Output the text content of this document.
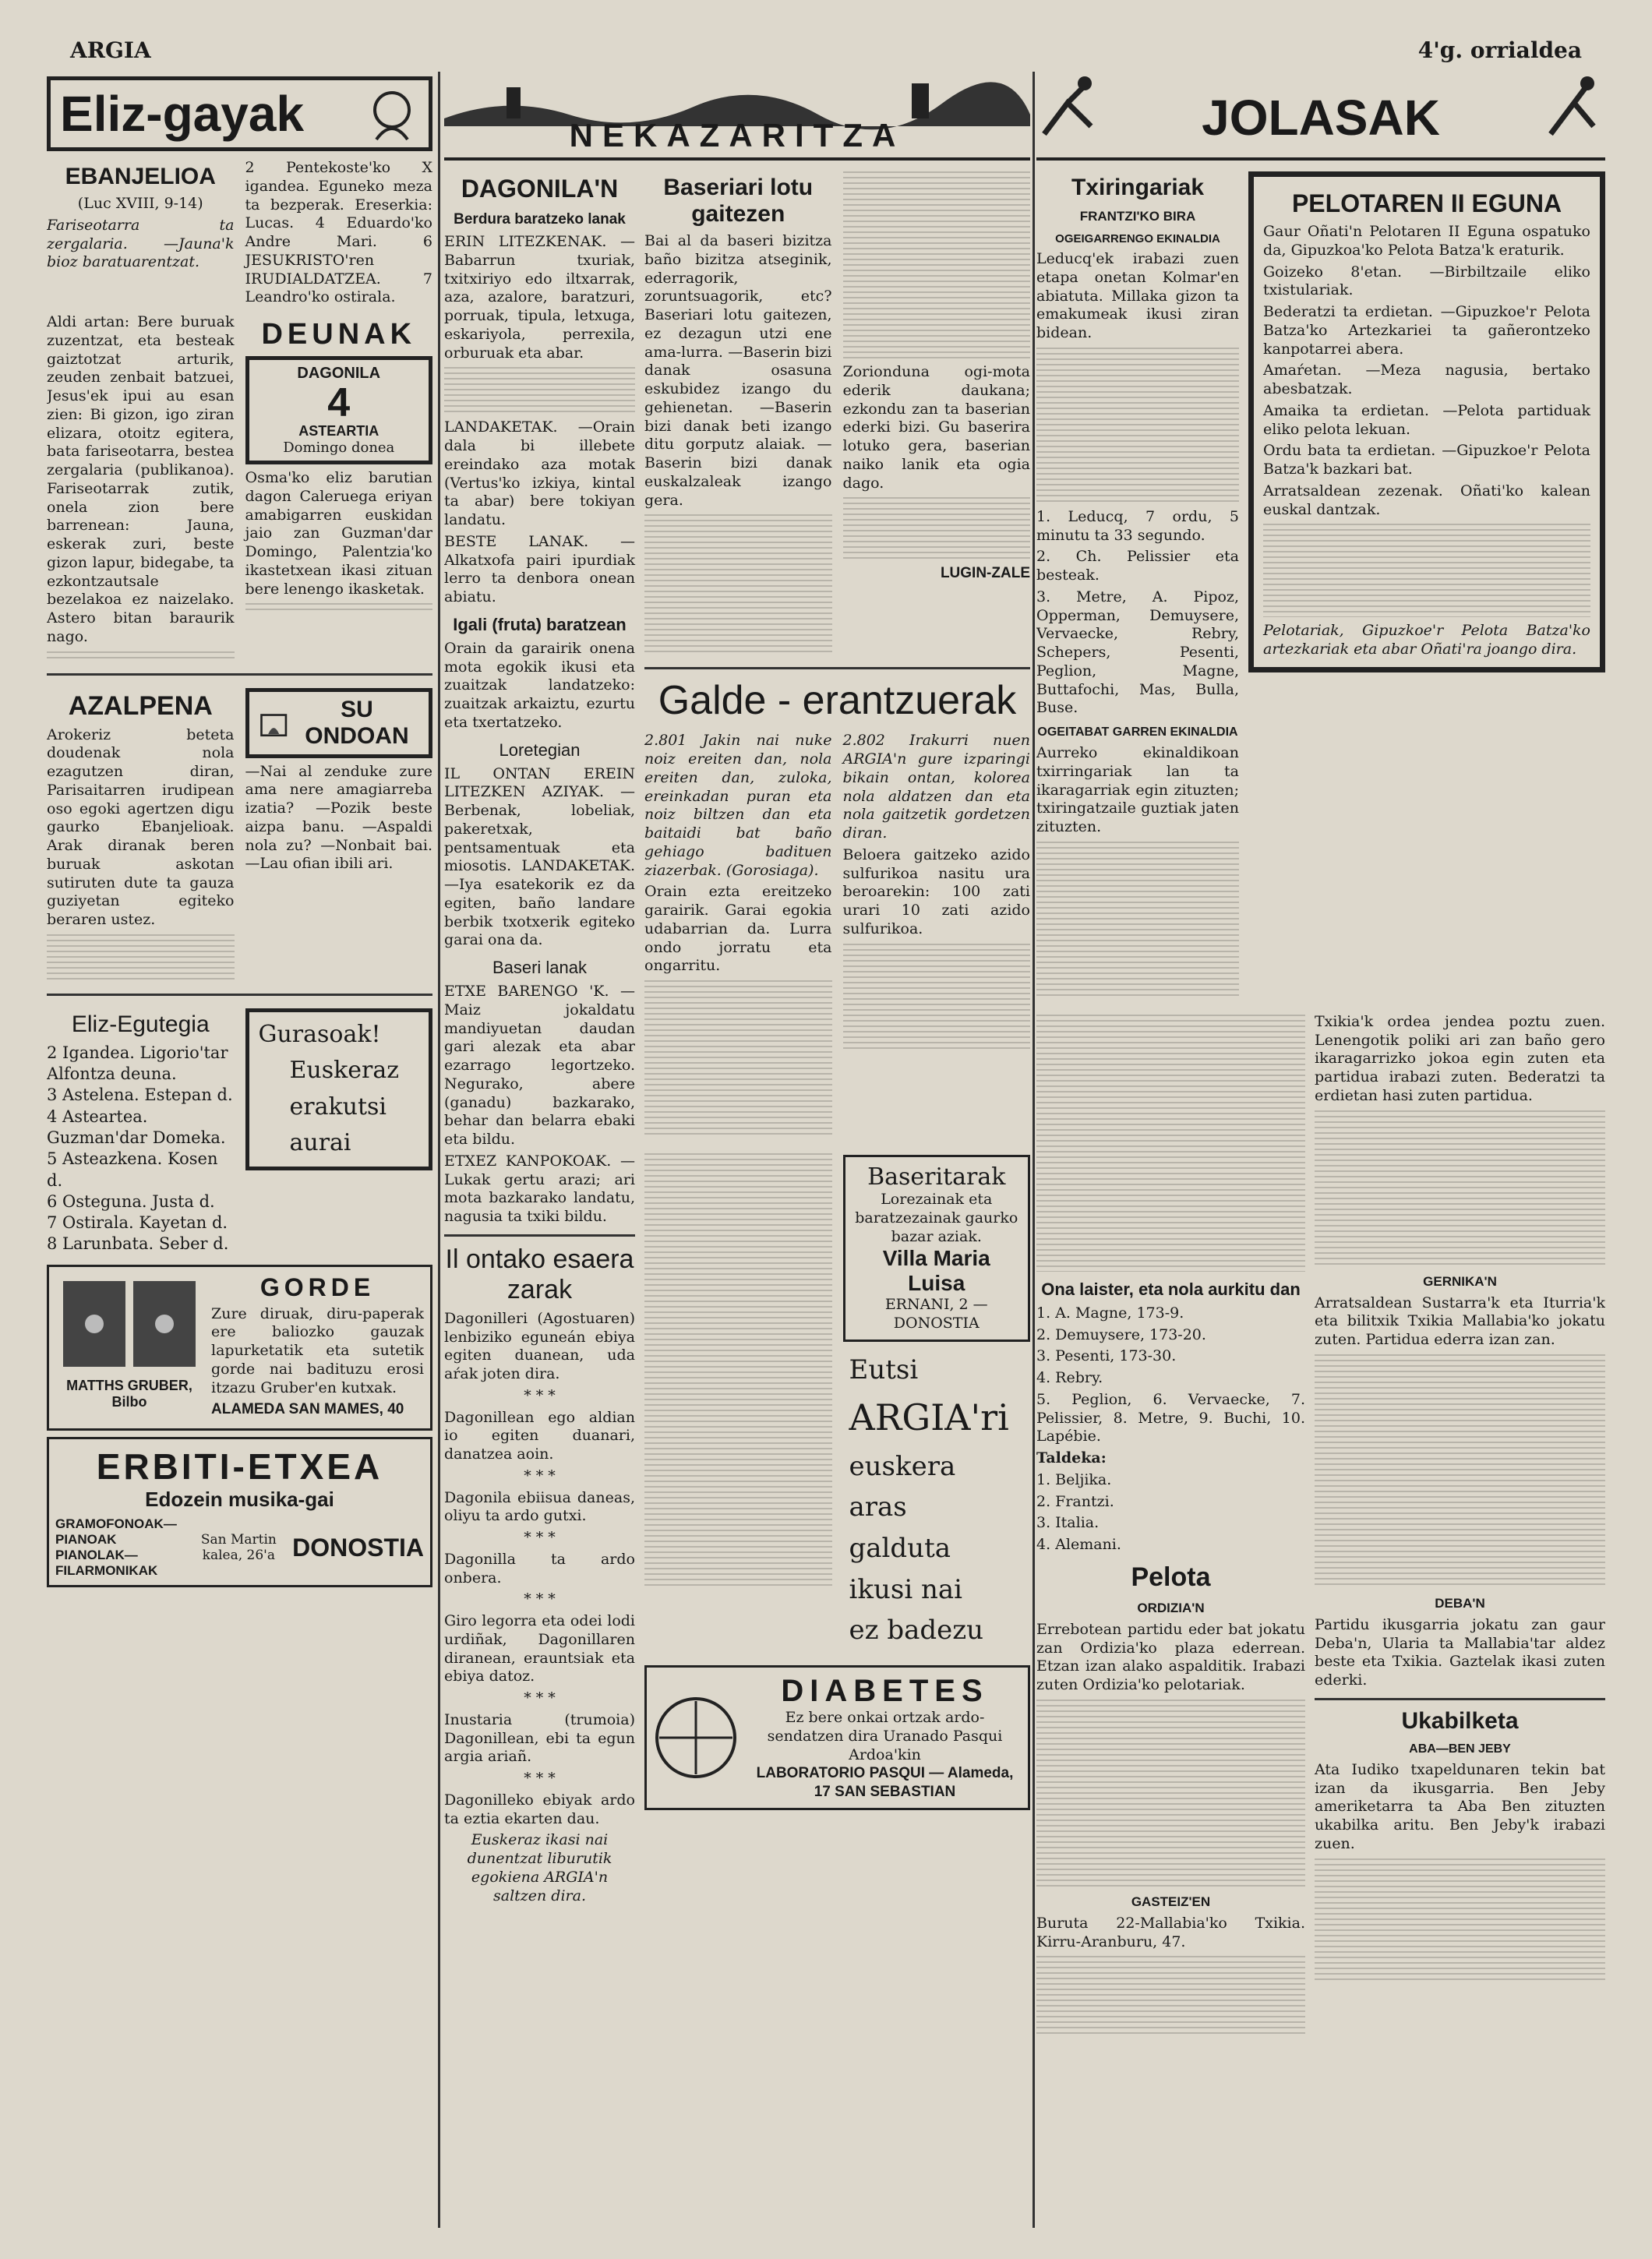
ARGIA	4'g. orrialdea
Eliz-gayak
EBANJELIOA
(Luc XVIII, 9-14)
Fariseotarra ta zergalaria. —Jauna'k bioz baratuarentzat.
2 Pentekoste'ko X igandea. Eguneko meza ta bezperak. Ereserkia: Lucas. 4 Eduardo'ko Andre Mari. 6 JESUKRISTO'ren IRUDIALDATZEA. 7 Leandro'ko ostirala.
Aldi artan: Bere buruak zuzentzat, eta besteak gaiztotzat arturik, zeuden zenbait batzuei, Jesus'ek ipui au esan zien: Bi gizon, igo ziran elizara, otoitz egitera, bata fariseotarra, bestea zergalaria (publikanoa). Fariseotarrak zutik, onela zion bere barrenean: Jauna, eskerak zuri, beste gizon lapur, bidegabe, ta ezkontzautsale bezelakoa ez naizelako. Astero bitan baraurik nago.
DEUNAK
DAGONILA
4
ASTEARTIA
Domingo donea
Osma'ko eliz barutian dagon Caleruega eriyan amabigarren euskidan jaio zan Guzman'dar Domingo, Palentzia'ko ikastetxean ikasi zituan bere lenengo ikasketak.
AZALPENA
Arokeriz beteta doudenak nola ezagutzen diran, Parisaitarren irudipean oso egoki agertzen digu gaurko Ebanjelioak. Arak diranak beren buruak askotan sutiruten dute ta gauza guziyetan egiteko beraren ustez.
SU ONDOAN
—Nai al zenduke zure ama nere amagiarreba izatia? —Pozik beste aizpa banu. —Aspaldi nola zu? —Nonbait bai. —Lau ofian ibili ari.
Eliz-Egutegia
2 Igandea. Ligorio'tar Alfontza deuna.
3 Astelena. Estepan d.
4 Asteartea. Guzman'dar Domeka.
5 Asteazkena. Kosen d.
6 Osteguna. Justa d.
7 Ostirala. Kayetan d.
8 Larunbata. Seber d.
Gurasoak!
Euskeraz
erakutsi
aurai
MATTHS GRUBER, Bilbo
GORDE
Zure diruak, diru-paperak ere baliozko gauzak lapurketatik eta sutetik gorde nai badituzu erosi itzazu Gruber'en kutxak.
ALAMEDA SAN MAMES, 40
ERBITI-ETXEA
Edozein musika-gai
GRAMOFONOAK—PIANOAK
PIANOLAK—FILARMONIKAK
San Martin kalea, 26'a DONOSTIA
NEKAZARITZA
DAGONILA'N
Berdura baratzeko lanak
ERIN LITEZKENAK. —Babarrun txuriak, txitxiriyo edo iltxarrak, aza, azalore, baratzuri, porruak, tipula, letxuga, eskariyola, perrexila, orburuak eta abar.
LANDAKETAK. —Orain dala bi illebete ereindako aza motak (Vertus'ko izkiya, kintal ta abar) bere tokiyan landatu.
BESTE LANAK. —Alkatxofa pairi ipurdiak lerro ta denbora onean abiatu.
Igali (fruta) baratzean
Orain da garairik onena mota egokik ikusi eta zuaitzak landatzeko: zuaitzak arkaiztu, ezurtu eta txertatzeko.
Loretegian
IL ONTAN EREIN LITEZKEN AZIYAK. —Berbenak, lobeliak, pakeretxak, pentsamentuak eta miosotis. LANDAKETAK. —Iya esatekorik ez da egiten, baño landare berbik txotxerik egiteko garai ona da.
Baseri lanak
ETXE BARENGO 'K. —Maiz jokaldatu mandiyuetan daudan gari alezak eta abar ezarrago legortzeko. Negurako, abere (ganadu) bazkarako, behar dan belarra ebaki eta bildu.
ETXEZ KANPOKOAK. —Lukak gertu arazi; ari mota bazkarako landatu, nagusia ta txiki bildu.
Il ontako esaera zarak
Dagonilleri (Agostuaren) lenbiziko eguneán ebiya egiten duanean, uda aŕak joten dira.
* * *
Dagonillean ego aldian io egiten duanari, danatzea aoin.
* * *
Dagonila ebiisua daneas, oliyu ta ardo gutxi.
* * *
Dagonilla ta ardo onbera.
* * *
Giro legorra eta odei lodi urdiñak, Dagonillaren diranean, erauntsiak eta ebiya datoz.
* * *
Inustaria (trumoia) Dagonillean, ebi ta egun argia ariañ.
* * *
Dagonilleko ebiyak ardo ta eztia ekarten dau.
Euskeraz ikasi nai dunentzat liburutik egokiena ARGIA'n saltzen dira.
Baseriari lotu gaitezen
Bai al da baseri bizitza baño bizitza atseginik, ederragorik, zoruntsuagorik, etc? Baseriari lotu gaitezen, ez dezagun utzi ene ama-lurra. —Baserin bizi danak osasuna eskubidez izango du gehienetan. —Baserin bizi danak beti izango ditu gorputz alaiak. —Baserin bizi danak euskalzaleak izango gera.
Zorionduna ogi-mota ederik daukana; ezkondu zan ta baserian ederki bizi. Gu baserira lotuko gera, baserian naiko lanik eta ogia dago.
LUGIN-ZALE
Galde - erantzuerak
2.801 Jakin nai nuke noiz ereiten dan, nola ereiten dan, zuloka, ereinkadan puran eta noiz biltzen dan eta baitaidi bat baño gehiago badituen ziazerbak. (Gorosiaga).
Orain ezta ereitzeko garairik. Garai egokia udabarrian da. Lurra ondo jorratu eta ongarritu.
2.802 Irakurri nuen ARGIA'n gure izparingi bikain ontan, kolorea nola aldatzen dan eta nola gaitzetik gordetzen diran.
Beloera gaitzeko azido sulfurikoa nasitu ura beroarekin: 100 zati urari 10 zati azido sulfurikoa.
Baseritarak
Lorezainak eta baratzezainak gaurko bazar aziak.
Villa Maria Luisa
ERNANI, 2 —DONOSTIA
Eutsi
ARGIA'ri
euskera
aras
galduta
ikusi nai
ez badezu
DIABETES
Ez bere onkai ortzak ardo-sendatzen dira Uranado Pasqui Ardoa'kin
LABORATORIO PASQUI — Alameda, 17 SAN SEBASTIAN
JOLASAK
Txiringariak
FRANTZI'KO BIRA
OGEIGARRENGO EKINALDIA
Leducq'ek irabazi zuen etapa onetan Kolmar'en abiatuta. Millaka gizon ta emakumeak ikusi ziran bidean.
1. Leducq, 7 ordu, 5 minutu ta 33 segundo.
2. Ch. Pelissier eta besteak.
3. Metre, A. Pipoz, Opperman, Demuysere, Vervaecke, Rebry, Schepers, Pesenti, Peglion, Magne, Buttafochi, Mas, Bulla, Buse.
OGEITABAT GARREN EKINALDIA
Aurreko ekinaldikoan txirringariak lan ta ikaragarriak egin zituzten; txiringatzaile guztiak jaten zituzten.
PELOTAREN II EGUNA
Gaur Oñati'n Pelotaren II Eguna ospatuko da, Gipuzkoa'ko Pelota Batza'k eraturik.
Goizeko 8'etan. —Birbiltzaile eliko txistulariak.
Bederatzi ta erdietan. —Gipuzkoe'r Pelota Batza'ko Artezkariei ta gañerontzeko kanpotarrei abera.
Amaŕetan. —Meza nagusia, bertako abesbatzak.
Amaika ta erdietan. —Pelota partiduak eliko pelota lekuan.
Ordu bata ta erdietan. —Gipuzkoe'r Pelota Batza'k bazkari bat.
Arratsaldean zezenak. Oñati'ko kalean euskal dantzak.
Pelotariak, Gipuzkoe'r Pelota Batza'ko artezkariak eta abar Oñati'ra joango dira.
Ona laister, eta nola aurkitu dan
1. A. Magne, 173-9.
2. Demuysere, 173-20.
3. Pesenti, 173-30.
4. Rebry.
5. Peglion, 6. Vervaecke, 7. Pelissier, 8. Metre, 9. Buchi, 10. Lapébie.
Taldeka:
1. Beljika.
2. Frantzi.
3. Italia.
4. Alemani.
Pelota
ORDIZIA'N
Errebotean partidu eder bat jokatu zan Ordizia'ko plaza ederrean. Etzan izan alako aspalditik. Irabazi zuten Ordizia'ko pelotariak.
GASTEIZ'EN
Buruta 22-Mallabia'ko Txikia. Kirru-Aranburu, 47.
Txikia'k ordea jendea poztu zuen. Lenengotik poliki ari zan baño gero ikaragarrizko jokoa egin zuten eta partidua irabazi zuten. Bederatzi ta erdietan hasi zuten partidua.
GERNIKA'N
Arratsaldean Sustarra'k eta Iturria'k eta bilitxik Txikia Mallabia'ko jokatu zuten. Partidua ederra izan zan.
DEBA'N
Partidu ikusgarria jokatu zan gaur Deba'n, Ularia ta Mallabia'tar aldez beste eta Txikia. Gaztelak ikasi zuten ederki.
Ukabilketa
ABA—BEN JEBY
Ata Iudiko txapeldunaren tekin bat izan da ikusgarria. Ben Jeby ameriketarra ta Aba Ben zituzten ukabilka aritu. Ben Jeby'k irabazi zuen.
